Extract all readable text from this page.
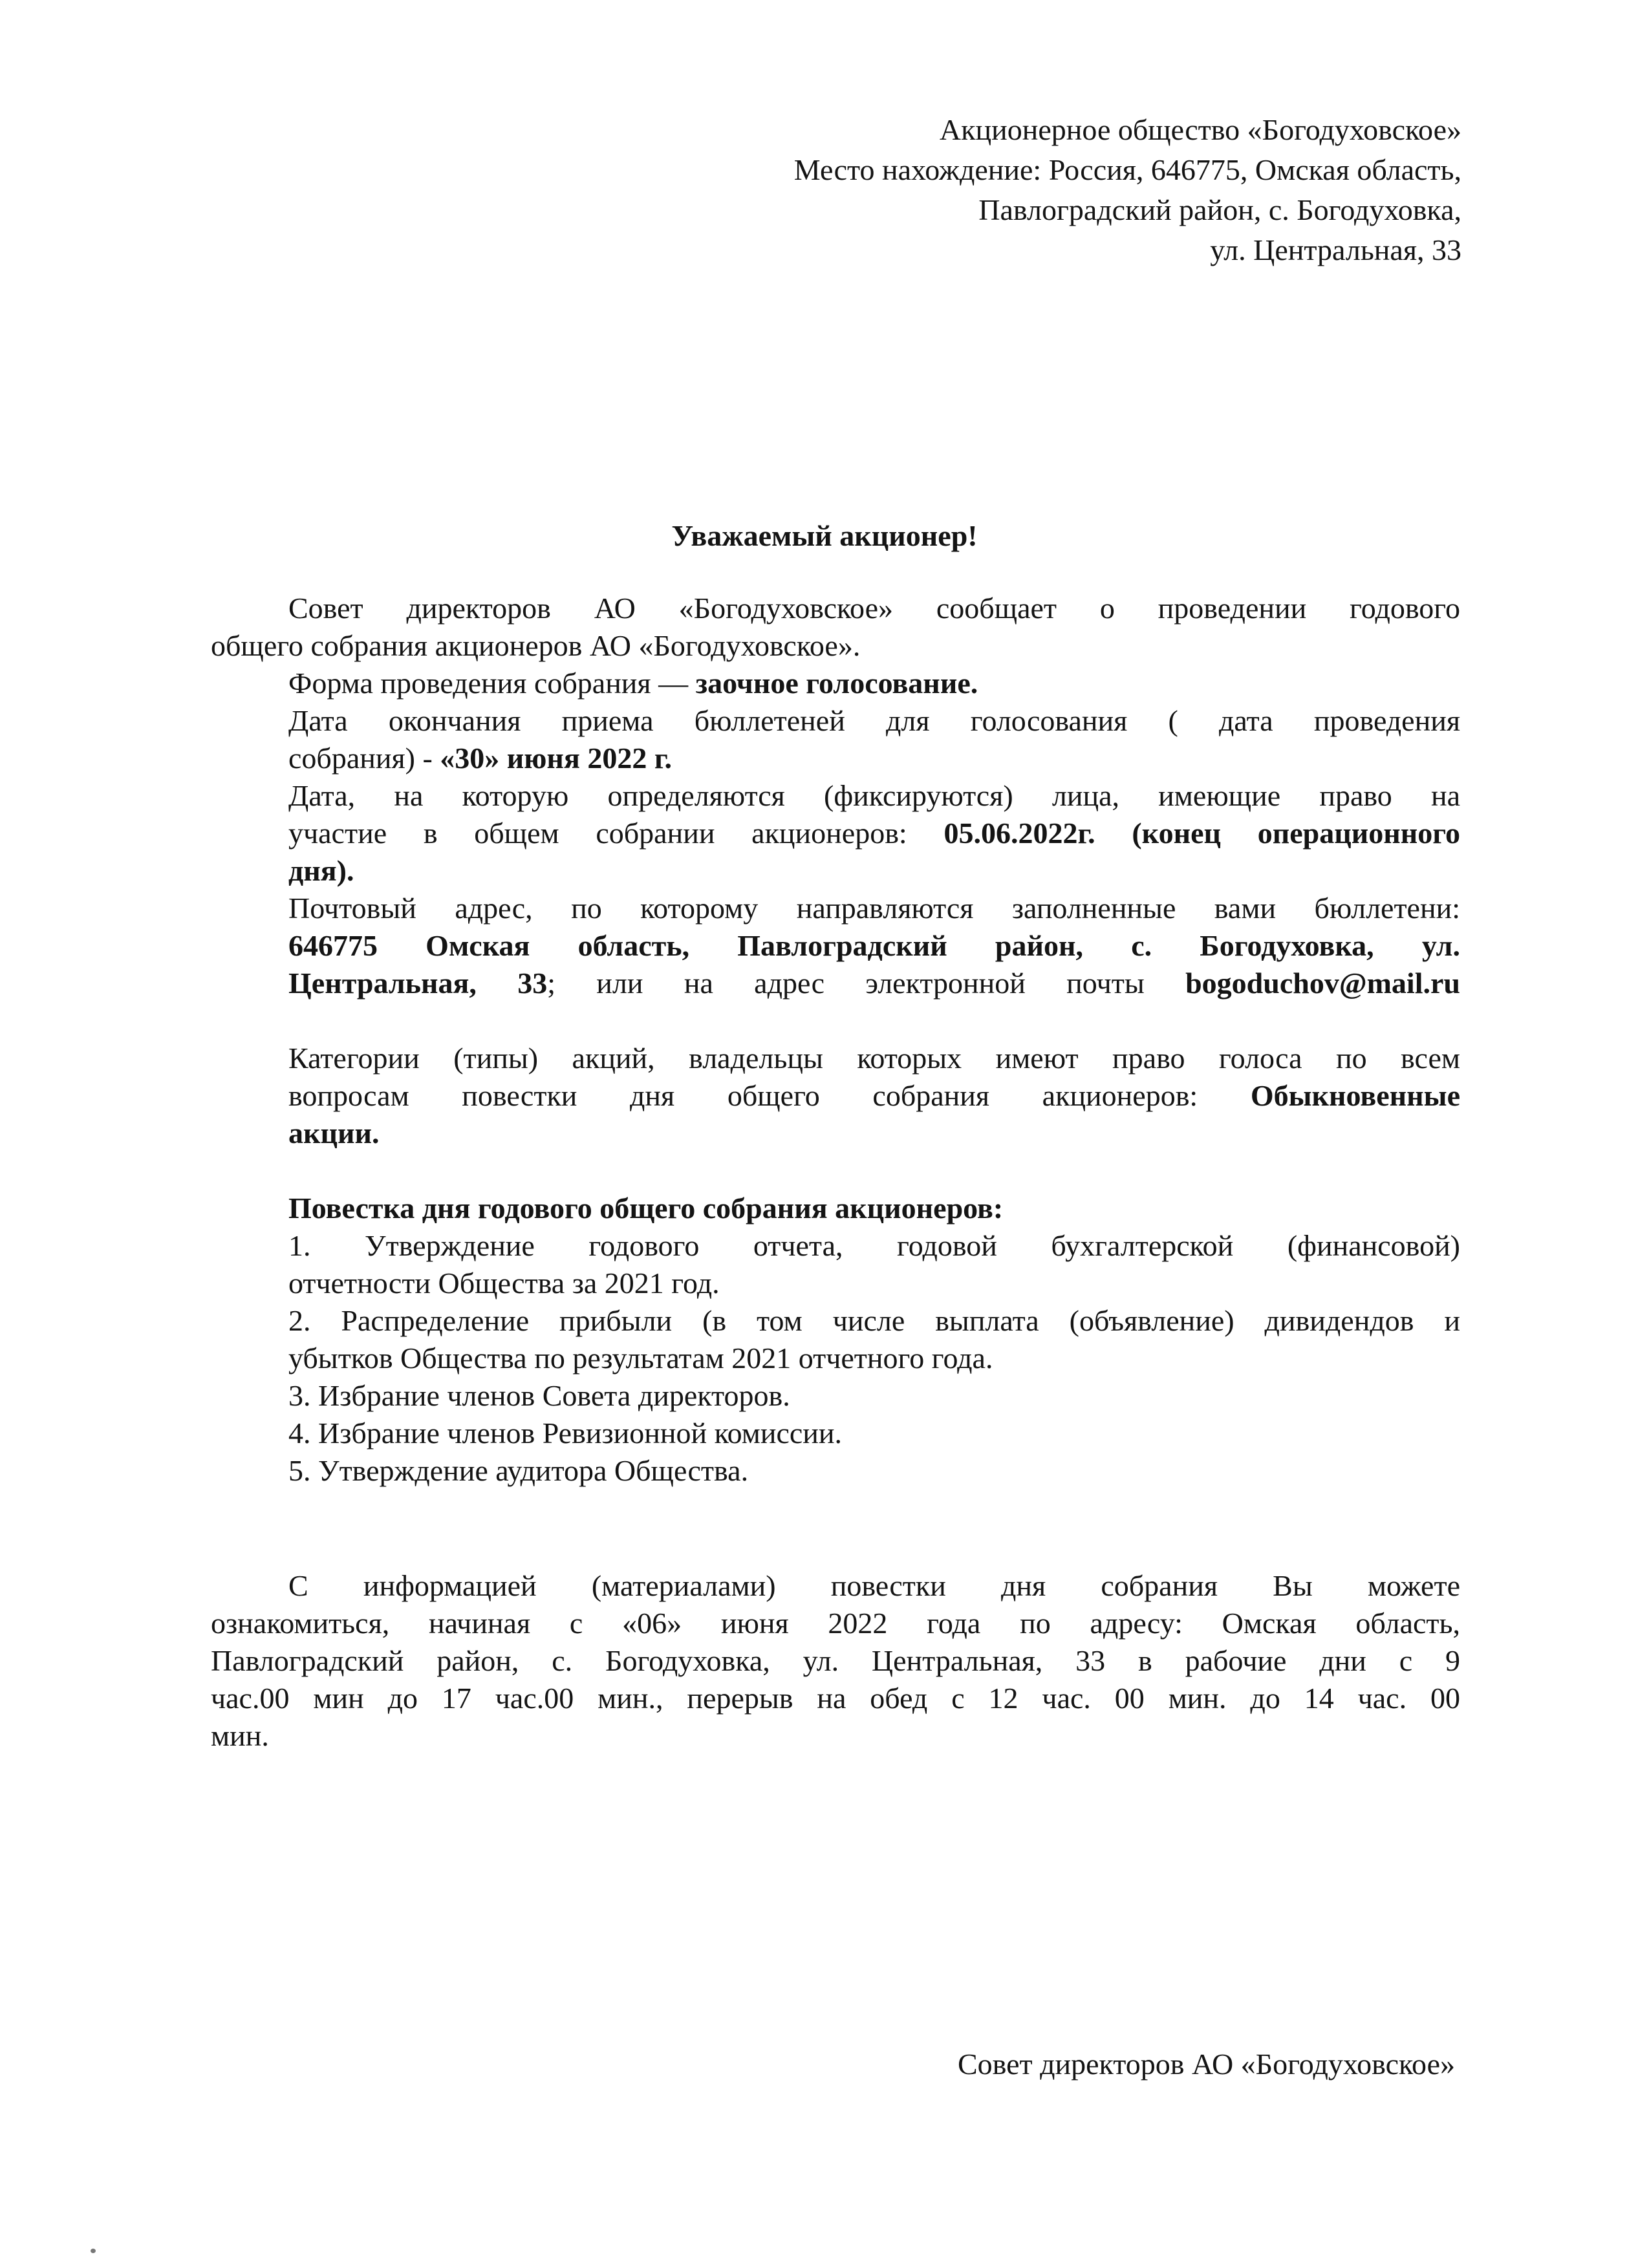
Акционерное общество «Богодуховское»
Место нахождение: Россия, 646775, Омская область,
Павлоградский район, с. Богодуховка,
ул. Центральная, 33
Уважаемый акционер!

Совет директоров АО «Богодуховское» сообщает о проведении годового

общего собрания акционеров АО «Богодуховское».

Форма проведения собрания — заочное голосование.

Дата окончания приема бюллетеней для голосования ( дата проведения

собрания) - «30» июня 2022 г.

Дата, на которую определяются (фиксируются) лица, имеющие право на

участие в общем собрании акционеров: 05.06.2022г. (конец операционного

дня).

Почтовый адрес, по которому направляются заполненные вами бюллетени:

646775 Омская область, Павлоградский район, с. Богодуховка, ул.

Центральная, 33; или на адрес электронной почты bogoduchov@mail.ru

Категории (типы) акций, владельцы которых имеют право голоса по всем

вопросам повестки дня общего собрания акционеров: Обыкновенные

акции.

Повестка дня годового общего собрания акционеров:

1. Утверждение годового отчета, годовой бухгалтерской (финансовой)

отчетности Общества за 2021 год.

2. Распределение прибыли (в том числе выплата (объявление) дивидендов и

убытков Общества по результатам 2021 отчетного года.

3. Избрание членов Совета директоров.

4. Избрание членов Ревизионной комиссии.

5. Утверждение аудитора Общества.

С информацией (материалами) повестки дня собрания Вы можете

ознакомиться, начиная с «06» июня 2022 года по адресу: Омская область,

Павлоградский район, с. Богодуховка, ул. Центральная, 33 в рабочие дни с 9

час.00 мин до 17 час.00 мин., перерыв на обед с 12 час. 00 мин. до 14 час. 00

мин.

Совет директоров АО «Богодуховское»
